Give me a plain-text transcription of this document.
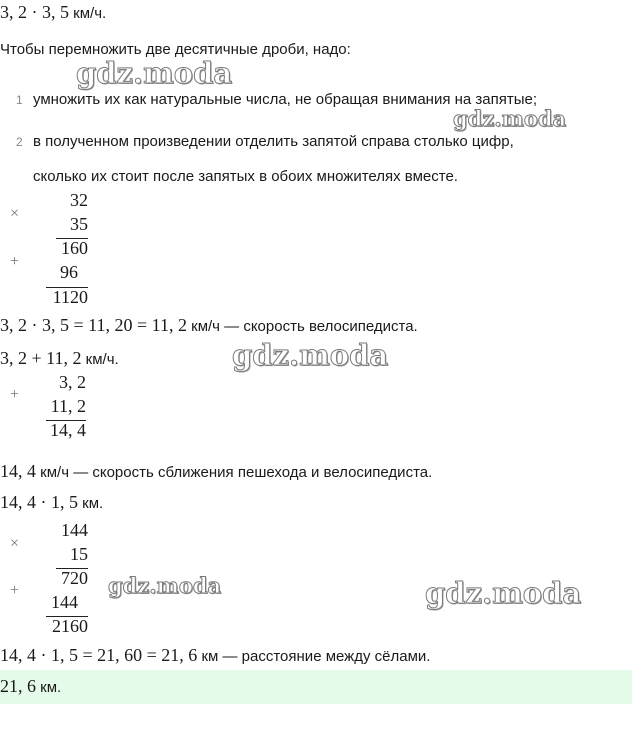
3, 2 · 3, 5 км/ч.
Чтобы перемножить две десятичные дроби, надо:
gdz.moda
1 умножить их как натуральные числа, не обращая внимания на запятые;
gdz.moda
2 в полученном произведении отделить запятой справа столько цифр,
сколько их стоит после запятых в обоих множителях вместе.
×
32
35
160
+
96
1120
3, 2 · 3, 5 = 11, 20 = 11, 2 км/ч — скорость велосипедиста.
3, 2 + 11, 2 км/ч.	gdz.moda
3, 2
+
11, 2
14, 4
14, 4 км/ч — скорость сближения пешехода и велосипедиста.
14, 4 · 1, 5 км.
×
144
15
720
+
144
2160
gdz.moda	gdz.moda
14, 4 · 1, 5 = 21, 60 = 21, 6 км — расстояние между сёлами.
21, 6 км.
